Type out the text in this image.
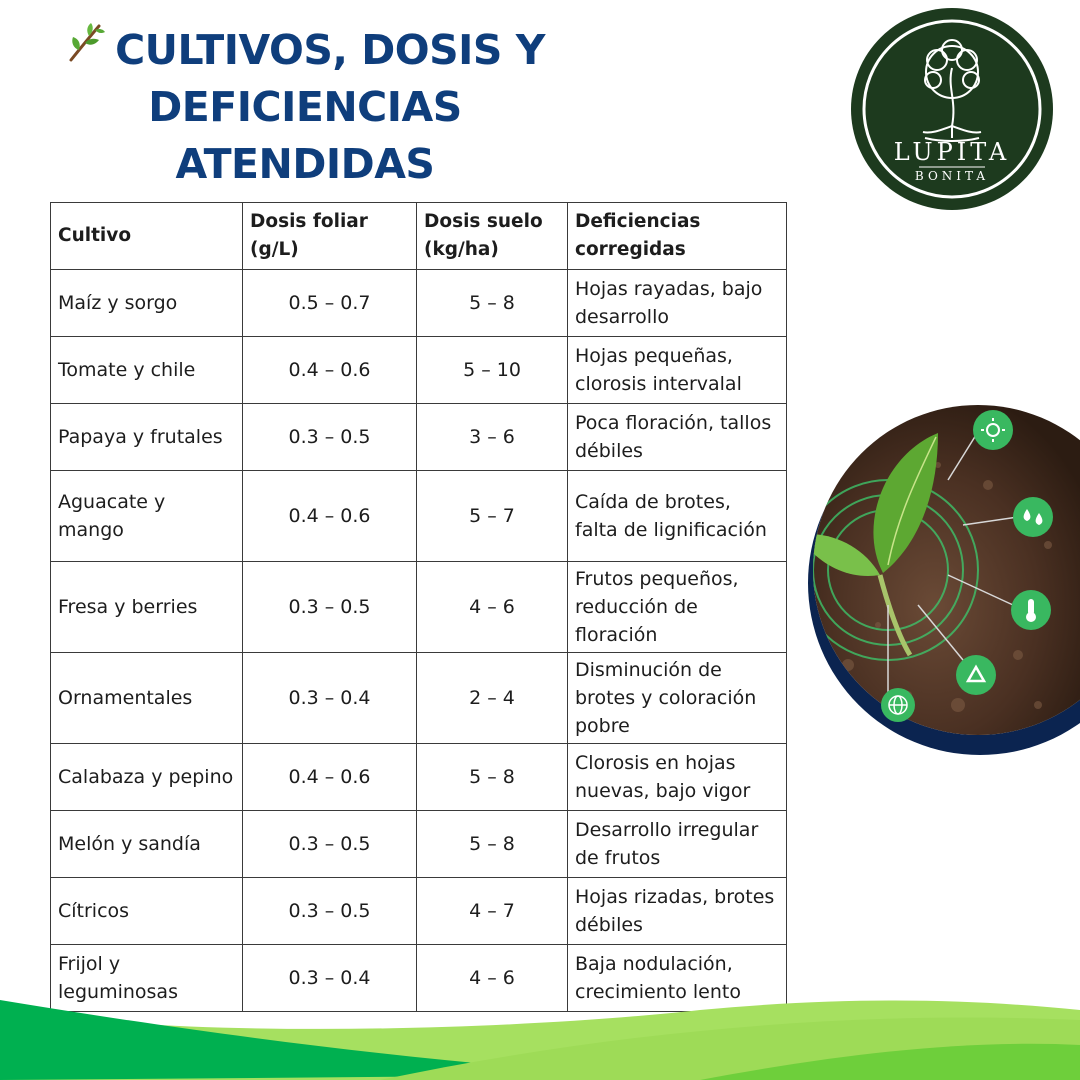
CULTIVOS, DOSIS Y
DEFICIENCIAS
ATENDIDAS	LUPITA
BONITA
Cultivo	Dosis foliar (g/L)	Dosis suelo (kg/ha)	Deficiencias corregidas
Maíz y sorgo	0.5 – 0.7	5 – 8	Hojas rayadas, bajo desarrollo
Tomate y chile	0.4 – 0.6	5 – 10	Hojas pequeñas, clorosis intervalal
Papaya y frutales	0.3 – 0.5	3 – 6	Poca floración, tallos débiles
Aguacate y mango	0.4 – 0.6	5 – 7	Caída de brotes, falta de lignificación
Fresa y berries	0.3 – 0.5	4 – 6	Frutos pequeños, reducción de floración
Ornamentales	0.3 – 0.4	2 – 4	Disminución de brotes y coloración pobre
Calabaza y pepino	0.4 – 0.6	5 – 8	Clorosis en hojas nuevas, bajo vigor
Melón y sandía	0.3 – 0.5	5 – 8	Desarrollo irregular de frutos
Cítricos	0.3 – 0.5	4 – 7	Hojas rizadas, brotes débiles
Frijol y leguminosas	0.3 – 0.4	4 – 6	Baja nodulación, crecimiento lento
